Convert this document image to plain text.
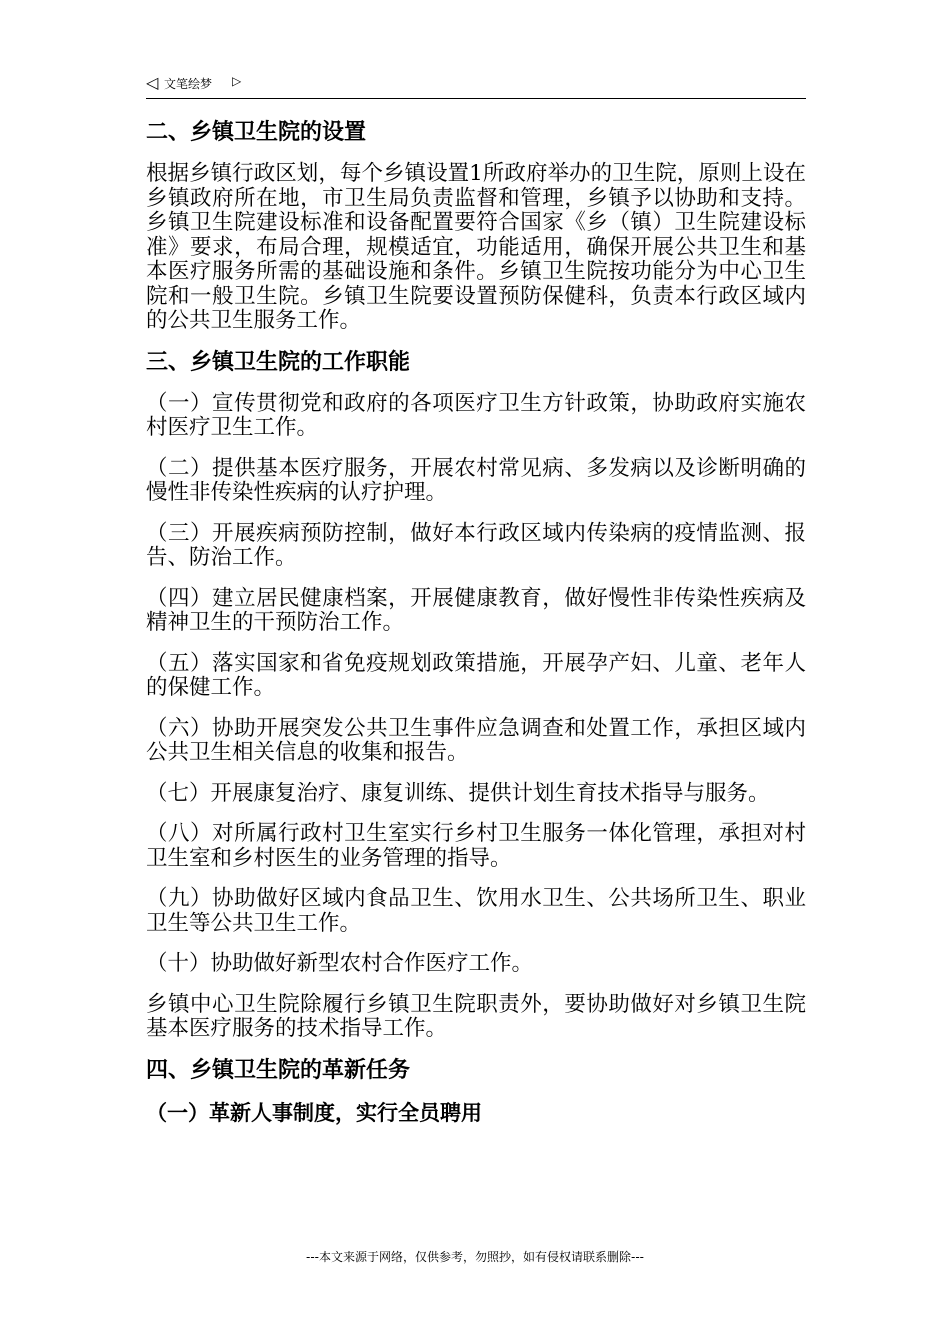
◁ 文笔绘梦 ▷
二、乡镇卫生院的设置
根据乡镇行政区划，每个乡镇设置1所政府举办的卫生院，原则上设在乡镇政府所在地，市卫生局负责监督和管理，乡镇予以协助和支持。乡镇卫生院建设标准和设备配置要符合国家《乡（镇）卫生院建设标准》要求，布局合理，规模适宜，功能适用，确保开展公共卫生和基本医疗服务所需的基础设施和条件。乡镇卫生院按功能分为中心卫生院和一般卫生院。乡镇卫生院要设置预防保健科，负责本行政区域内的公共卫生服务工作。
三、乡镇卫生院的工作职能
（一）宣传贯彻党和政府的各项医疗卫生方针政策，协助政府实施农村医疗卫生工作。
（二）提供基本医疗服务，开展农村常见病、多发病以及诊断明确的慢性非传染性疾病的认疗护理。
（三）开展疾病预防控制，做好本行政区域内传染病的疫情监测、报告、防治工作。
（四）建立居民健康档案，开展健康教育，做好慢性非传染性疾病及精神卫生的干预防治工作。
（五）落实国家和省免疫规划政策措施，开展孕产妇、儿童、老年人的保健工作。
（六）协助开展突发公共卫生事件应急调查和处置工作，承担区域内公共卫生相关信息的收集和报告。
（七）开展康复治疗、康复训练、提供计划生育技术指导与服务。
（八）对所属行政村卫生室实行乡村卫生服务一体化管理，承担对村卫生室和乡村医生的业务管理的指导。
（九）协助做好区域内食品卫生、饮用水卫生、公共场所卫生、职业卫生等公共卫生工作。
（十）协助做好新型农村合作医疗工作。
乡镇中心卫生院除履行乡镇卫生院职责外，要协助做好对乡镇卫生院基本医疗服务的技术指导工作。
四、乡镇卫生院的革新任务
（一）革新人事制度，实行全员聘用
---本文来源于网络，仅供参考，勿照抄，如有侵权请联系删除---
